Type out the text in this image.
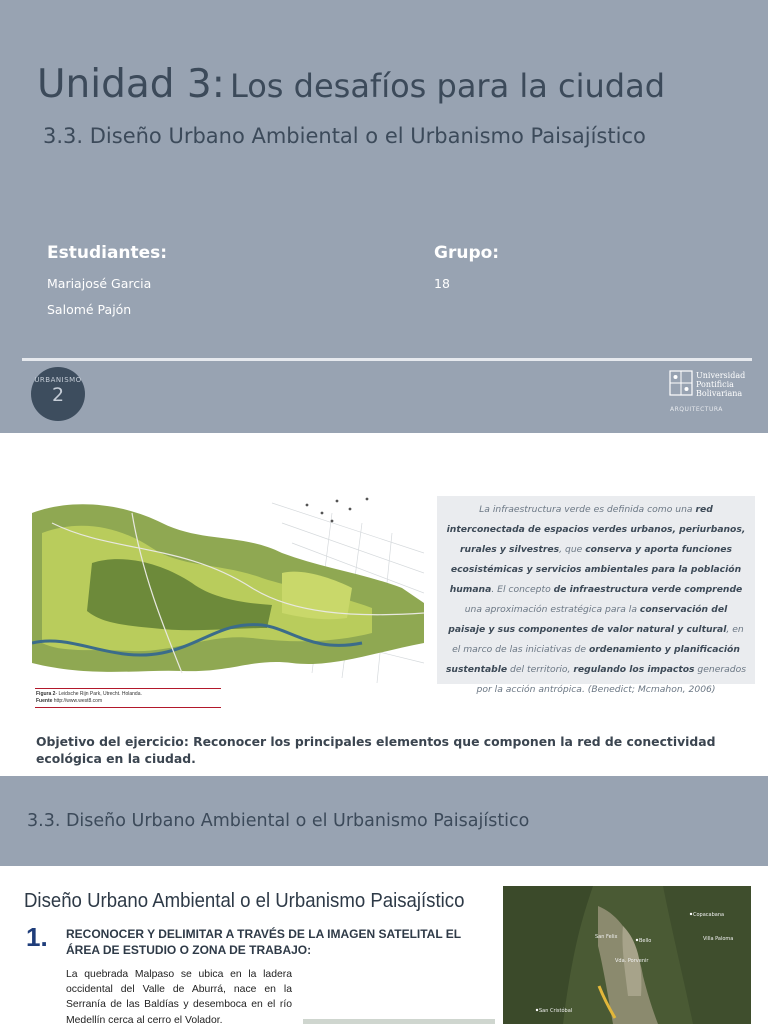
Unidad 3: Los desafíos para la ciudad
3.3. Diseño Urbano Ambiental o el Urbanismo Paisajístico
Estudiantes:
Mariajosé Garcia
Salomé Pajón
Grupo:
18
URBANISMO
2
Universidad
Pontificia
Bolivariana
ARQUITECTURA
Figura 2- Leidsche Rijn Park, Utrecht. Holanda.
Fuente http://www.west8.com
La infraestructura verde es definida como una red interconectada de espacios verdes urbanos, periurbanos, rurales y silvestres, que conserva y aporta funciones ecosistémicas y servicios ambientales para la población humana. El concepto de infraestructura verde comprende una aproximación estratégica para la conservación del paisaje y sus componentes de valor natural y cultural, en el marco de las iniciativas de ordenamiento y planificación sustentable del territorio, regulando los impactos generados por la acción antrópica. (Benedict; Mcmahon, 2006)
Objetivo del ejercicio: Reconocer los principales elementos que componen la red de conectividad ecológica en la ciudad.
3.3. Diseño Urbano Ambiental o el Urbanismo Paisajístico
Diseño Urbano Ambiental o el Urbanismo Paisajístico
1. RECONOCER Y DELIMITAR A TRAVÉS DE LA IMAGEN SATELITAL EL ÁREA DE ESTUDIO O ZONA DE TRABAJO:
La quebrada Malpaso se ubica en la ladera occidental del Valle de Aburrá, nace en la Serranía de las Baldías y desemboca en el río Medellín cerca al cerro el Volador.
Copacabana
San Felix
Bello	Villa Paloma
Vda. Porvenir
San Cristóbal
